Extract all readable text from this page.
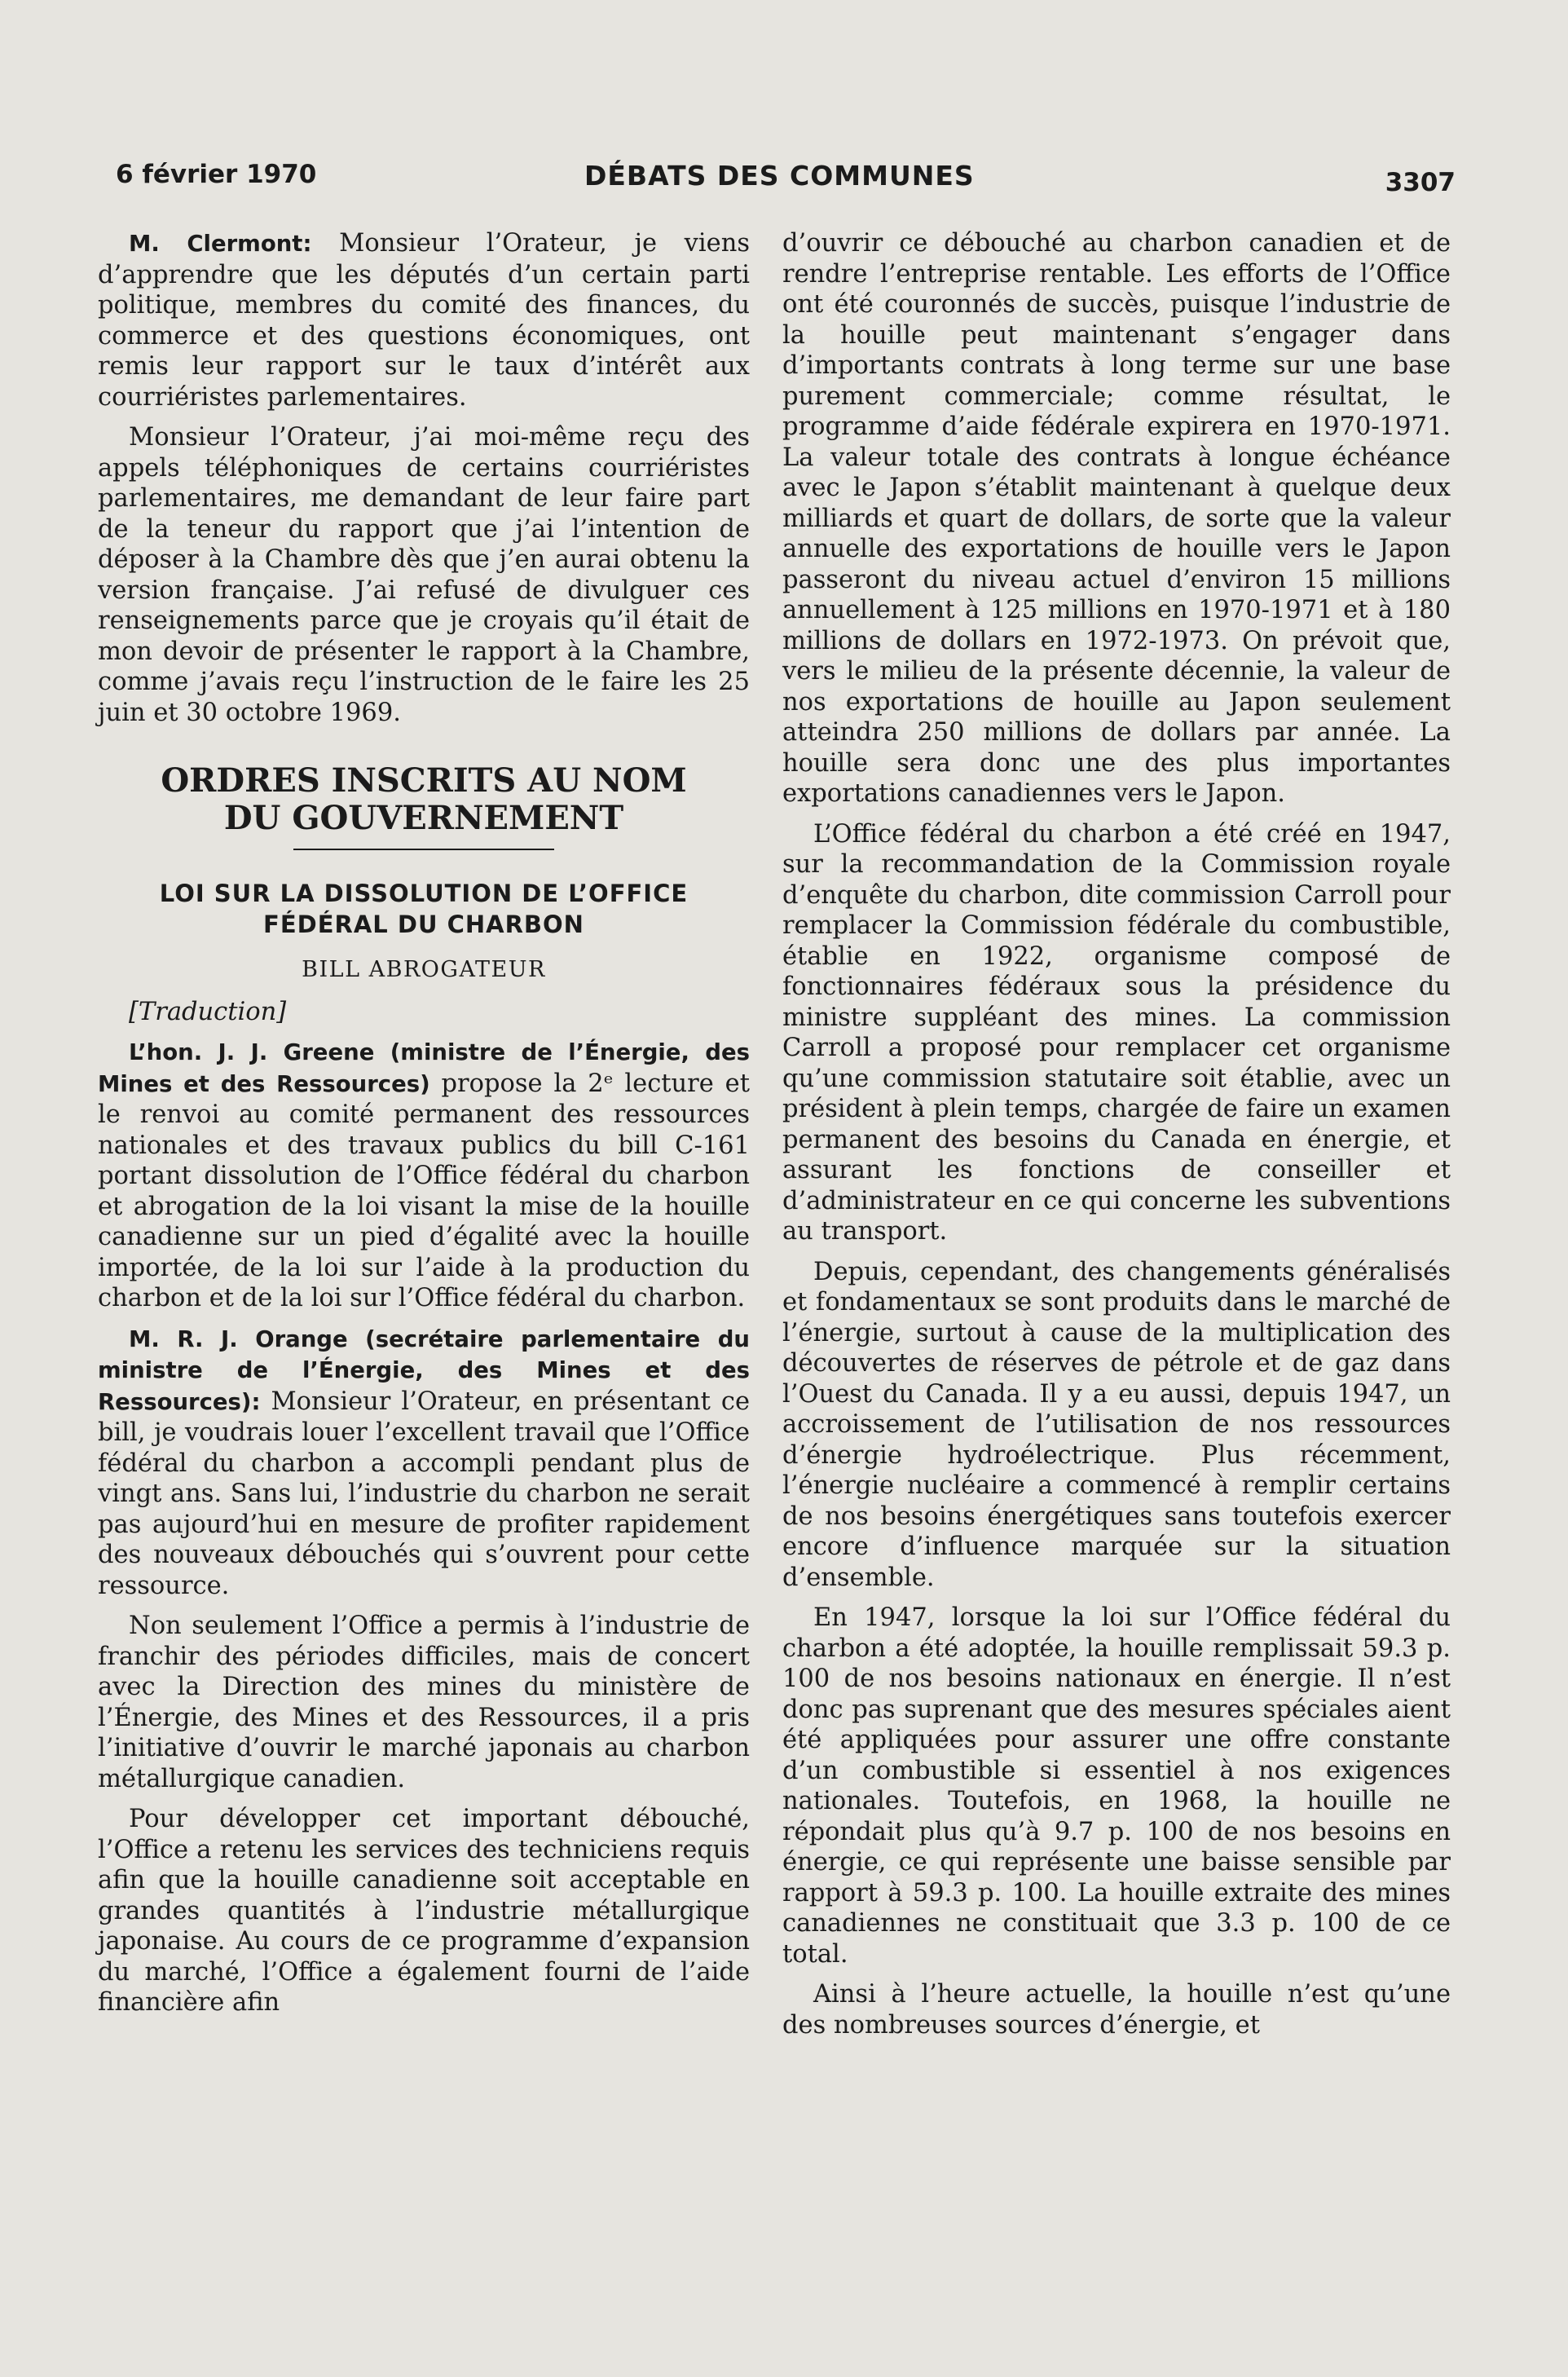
6 février 1970	DÉBATS DES COMMUNES	3307

M. Clermont: Monsieur l’Orateur, je viens d’apprendre que les députés d’un certain parti politique, membres du comité des finances, du commerce et des questions économiques, ont remis leur rapport sur le taux d’intérêt aux courriéristes parlementaires.

Monsieur l’Orateur, j’ai moi-même reçu des appels téléphoniques de certains courriéristes parlementaires, me demandant de leur faire part de la teneur du rapport que j’ai l’intention de déposer à la Chambre dès que j’en aurai obtenu la version française. J’ai refusé de divulguer ces renseignements parce que je croyais qu’il était de mon devoir de présenter le rapport à la Chambre, comme j’avais reçu l’instruction de le faire les 25 juin et 30 octobre 1969.

ORDRES INSCRITS AU NOM
DU GOUVERNEMENT
LOI SUR LA DISSOLUTION DE L’OFFICE
FÉDÉRAL DU CHARBON
BILL ABROGATEUR

[Traduction]

L’hon. J. J. Greene (ministre de l’Énergie, des Mines et des Ressources) propose la 2ᵉ lecture et le renvoi au comité permanent des ressources nationales et des travaux publics du bill C-161 portant dissolution de l’Office fédéral du charbon et abrogation de la loi visant la mise de la houille canadienne sur un pied d’égalité avec la houille importée, de la loi sur l’aide à la production du charbon et de la loi sur l’Office fédéral du charbon.

M. R. J. Orange (secrétaire parlementaire du ministre de l’Énergie, des Mines et des Ressources): Monsieur l’Orateur, en présentant ce bill, je voudrais louer l’excellent travail que l’Office fédéral du charbon a accompli pendant plus de vingt ans. Sans lui, l’industrie du charbon ne serait pas aujourd’hui en mesure de profiter rapidement des nouveaux débouchés qui s’ouvrent pour cette ressource.

Non seulement l’Office a permis à l’industrie de franchir des périodes difficiles, mais de concert avec la Direction des mines du ministère de l’Énergie, des Mines et des Ressources, il a pris l’initiative d’ouvrir le marché japonais au charbon métallurgique canadien.

Pour développer cet important débouché, l’Office a retenu les services des techniciens requis afin que la houille canadienne soit acceptable en grandes quantités à l’industrie métallurgique japonaise. Au cours de ce programme d’expansion du marché, l’Office a également fourni de l’aide financière afin

d’ouvrir ce débouché au charbon canadien et de rendre l’entreprise rentable. Les efforts de l’Office ont été couronnés de succès, puisque l’industrie de la houille peut maintenant s’engager dans d’importants contrats à long terme sur une base purement commerciale; comme résultat, le programme d’aide fédérale expirera en 1970-1971. La valeur totale des contrats à longue échéance avec le Japon s’établit maintenant à quelque deux milliards et quart de dollars, de sorte que la valeur annuelle des exportations de houille vers le Japon passeront du niveau actuel d’environ 15 millions annuellement à 125 millions en 1970-1971 et à 180 millions de dollars en 1972-1973. On prévoit que, vers le milieu de la présente décennie, la valeur de nos exportations de houille au Japon seulement atteindra 250 millions de dollars par année. La houille sera donc une des plus importantes exportations canadiennes vers le Japon.

L’Office fédéral du charbon a été créé en 1947, sur la recommandation de la Commission royale d’enquête du charbon, dite commission Carroll pour remplacer la Commission fédérale du combustible, établie en 1922, organisme composé de fonctionnaires fédéraux sous la présidence du ministre suppléant des mines. La commission Carroll a proposé pour remplacer cet organisme qu’une commission statutaire soit établie, avec un président à plein temps, chargée de faire un examen permanent des besoins du Canada en énergie, et assurant les fonctions de conseiller et d’administrateur en ce qui concerne les subventions au transport.

Depuis, cependant, des changements généralisés et fondamentaux se sont produits dans le marché de l’énergie, surtout à cause de la multiplication des découvertes de réserves de pétrole et de gaz dans l’Ouest du Canada. Il y a eu aussi, depuis 1947, un accroissement de l’utilisation de nos ressources d’énergie hydroélectrique. Plus récemment, l’énergie nucléaire a commencé à remplir certains de nos besoins énergétiques sans toutefois exercer encore d’influence marquée sur la situation d’ensemble.

En 1947, lorsque la loi sur l’Office fédéral du charbon a été adoptée, la houille remplissait 59.3 p. 100 de nos besoins nationaux en énergie. Il n’est donc pas suprenant que des mesures spéciales aient été appliquées pour assurer une offre constante d’un combustible si essentiel à nos exigences nationales. Toutefois, en 1968, la houille ne répondait plus qu’à 9.7 p. 100 de nos besoins en énergie, ce qui représente une baisse sensible par rapport à 59.3 p. 100. La houille extraite des mines canadiennes ne constituait que 3.3 p. 100 de ce total.

Ainsi à l’heure actuelle, la houille n’est qu’une des nombreuses sources d’énergie, et
